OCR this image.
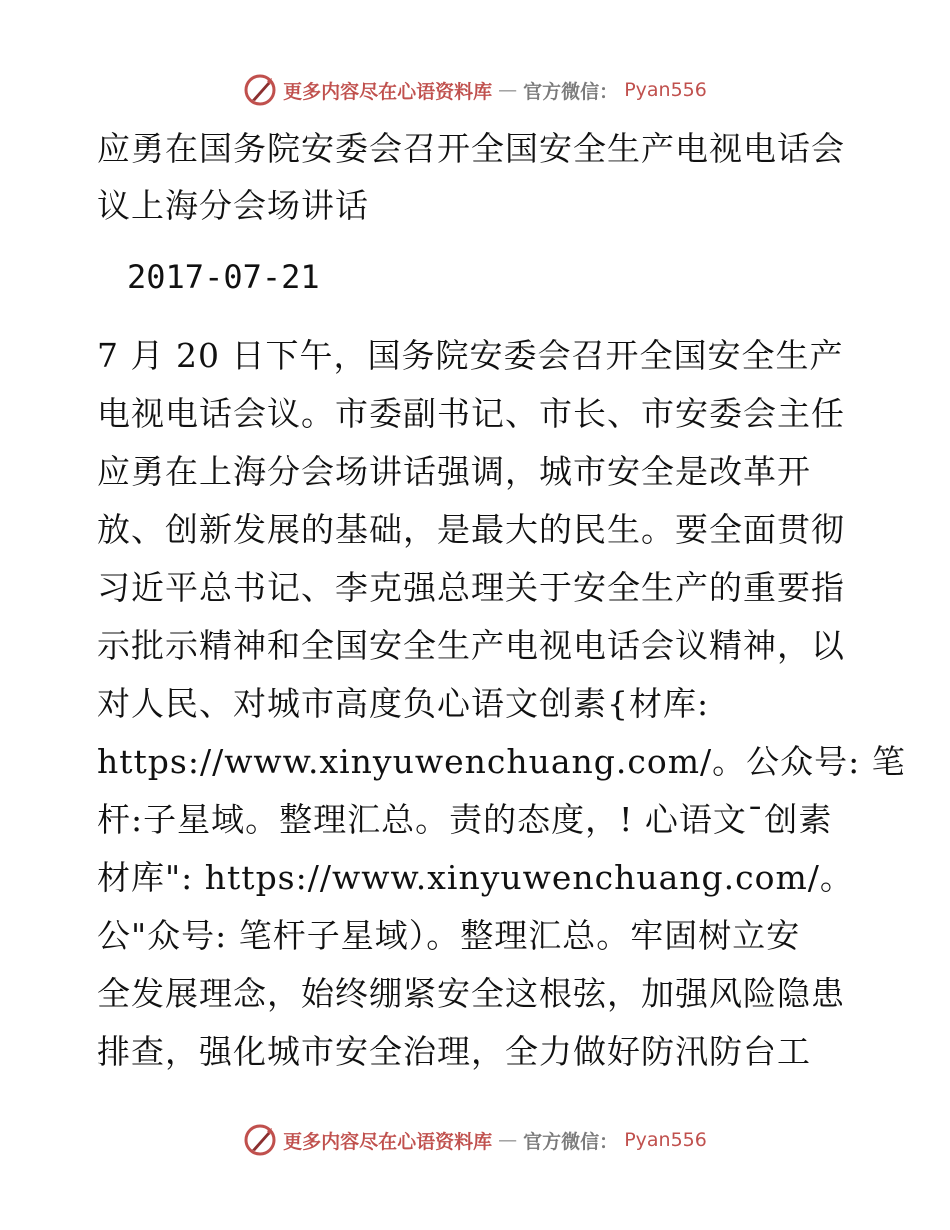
更多内容尽在心语资料库 — 官方微信： Pyan556
应勇在国务院安委会召开全国安全生产电视电话会议上海分会场讲话
2017-07-21
7 月 20 日下午，国务院安委会召开全国安全生产
电视电话会议。市委副书记、市长、市安委会主任
应勇在上海分会场讲话强调，城市安全是改革开
放、创新发展的基础，是最大的民生。要全面贯彻
习近平总书记、李克强总理关于安全生产的重要指
示批示精神和全国安全生产电视电话会议精神，以
对人民、对城市高度负心语文创素{材库:
https://www.xinyuwenchuang.com/。公众号: 笔
杆:子星域。整理汇总。责的态度，! 心语文¯创素
材库": https://www.xinyuwenchuang.com/。
公"众号: 笔杆子星域）。整理汇总。牢固树立安
全发展理念，始终绷紧安全这根弦，加强风险隐患
排查，强化城市安全治理，全力做好防汛防台工
更多内容尽在心语资料库 — 官方微信： Pyan556
